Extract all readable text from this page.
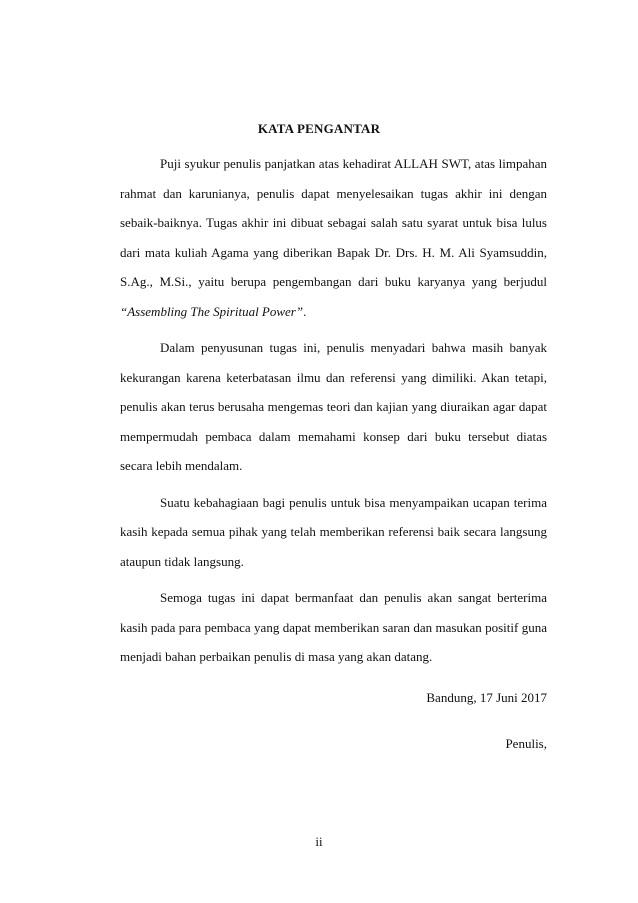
KATA PENGANTAR

Puji syukur penulis panjatkan atas kehadirat ALLAH SWT, atas limpahan rahmat dan karunianya, penulis dapat menyelesaikan tugas akhir ini dengan sebaik-baiknya. Tugas akhir ini dibuat sebagai salah satu syarat untuk bisa lulus dari mata kuliah Agama yang diberikan Bapak Dr. Drs. H. M. Ali Syamsuddin, S.Ag., M.Si., yaitu berupa pengembangan dari buku karyanya yang berjudul “Assembling The Spiritual Power”.

Dalam penyusunan tugas ini, penulis menyadari bahwa masih banyak kekurangan karena keterbatasan ilmu dan referensi yang dimiliki. Akan tetapi, penulis akan terus berusaha mengemas teori dan kajian yang diuraikan agar dapat mempermudah pembaca dalam memahami konsep dari buku tersebut diatas secara lebih mendalam.

Suatu kebahagiaan bagi penulis untuk bisa menyampaikan ucapan terima kasih kepada semua pihak yang telah memberikan referensi baik secara langsung ataupun tidak langsung.

Semoga tugas ini dapat bermanfaat dan penulis akan sangat berterima kasih pada para pembaca yang dapat memberikan saran dan masukan positif guna menjadi bahan perbaikan penulis di masa yang akan datang.

Bandung, 17 Juni 2017
Penulis,
ii
